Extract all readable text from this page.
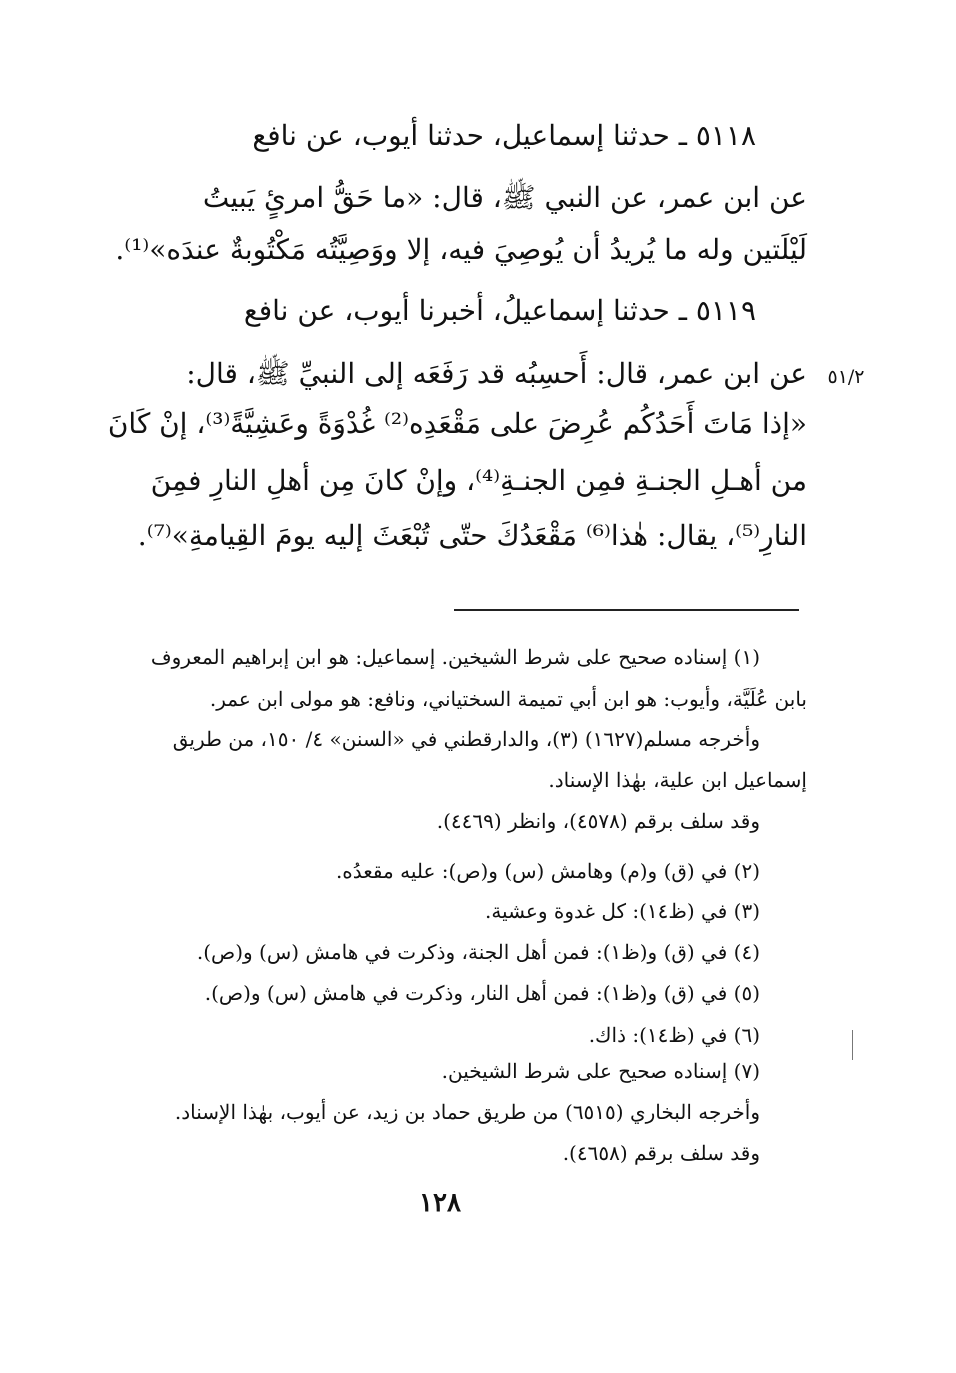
٥١١٨ ـ حدثنا إسماعيل، حدثنا أيوب، عن نافع
عن ابن عمر، عن النبي ﷺ، قال: «ما حَقُّ امرئٍ يَبيتُ
لَيْلَتين وله ما يُريدُ أن يُوصِيَ فيه، إلا ووَصِيَّتُه مَكْتُوبةٌ عندَه»⁽¹⁾.
٥١١٩ ـ حدثنا إسماعيلُ، أخبرنا أيوب، عن نافع
٥١/٢
عن ابن عمر، قال: أَحسِبُه قد رَفَعَه إلى النبيِّ ﷺ، قال:
«إذا مَاتَ أَحَدُكُم عُرِضَ على مَقْعَدِه⁽²⁾ غُدْوَةً وعَشِيَّةً⁽³⁾، إنْ كَانَ
من أهـلِ الجنـةِ فمِن الجنـةِ⁽⁴⁾، وإنْ كانَ مِن أهلِ النارِ فمِنَ
النارِ⁽⁵⁾، يقال: هٰذا⁽⁶⁾ مَقْعَدُكَ حتّى تُبْعَثَ إليه يومَ القِيامةِ»⁽⁷⁾.
(١) إسناده صحيح على شرط الشيخين. إسماعيل: هو ابن إبراهيم المعروف
بابن عُلَيَّة، وأيوب: هو ابن أبي تميمة السختياني، ونافع: هو مولى ابن عمر.
وأخرجه مسلم(١٦٢٧) (٣)، والدارقطني في «السنن» ٤/ ١٥٠، من طريق
إسماعيل ابن علية، بهٰذا الإسناد.
وقد سلف برقم (٤٥٧٨)، وانظر (٤٤٦٩).
(٢) في (ق) و(م) وهامش (س) و(ص): عليه مقعدُه.
(٣) في (ظ١٤): كل غدوة وعشية.
(٤) في (ق) و(ظ١): فمن أهل الجنة، وذكرت في هامش (س) و(ص).
(٥) في (ق) و(ظ١): فمن أهل النار، وذكرت في هامش (س) و(ص).
(٦) في (ظ١٤): ذاك.
(٧) إسناده صحيح على شرط الشيخين.
وأخرجه البخاري (٦٥١٥) من طريق حماد بن زيد، عن أيوب، بهٰذا الإسناد.
وقد سلف برقم (٤٦٥٨).
١٢٨
